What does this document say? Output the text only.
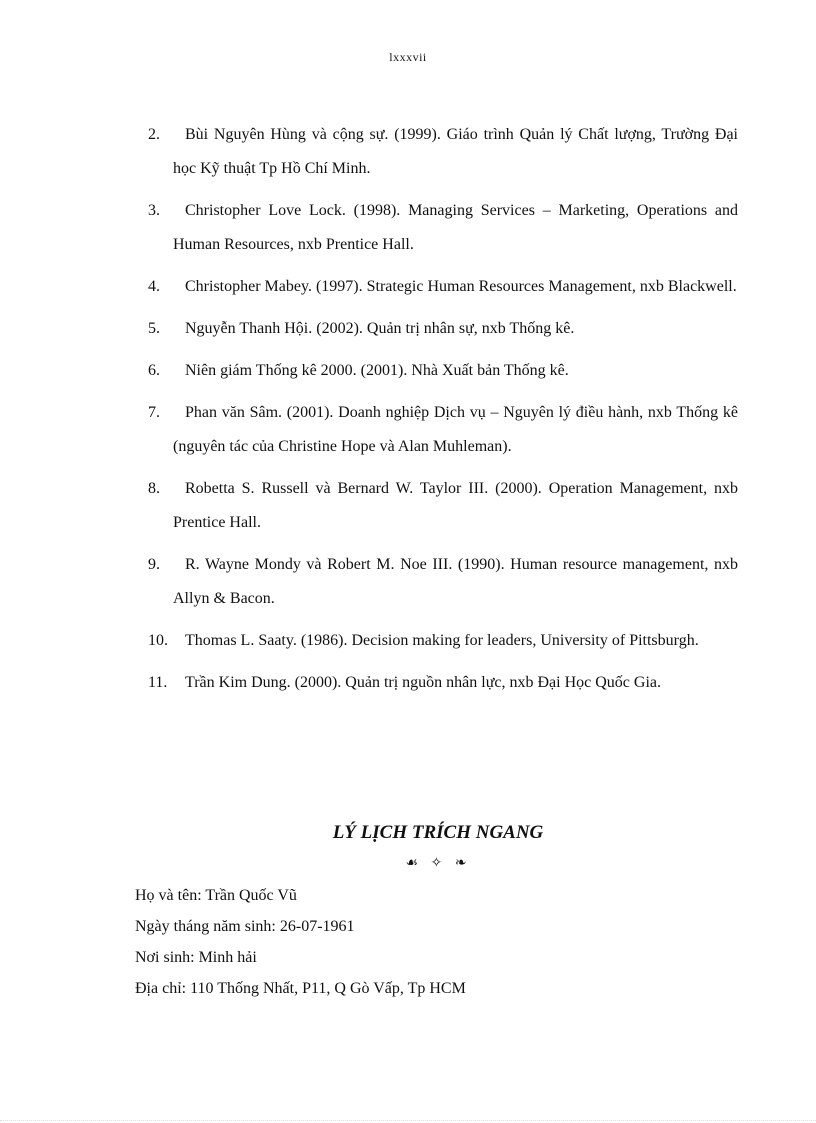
lxxxvii
2.	Bùi Nguyên Hùng và cộng sự. (1999). Giáo trình Quản lý Chất lượng, Trường Đại học Kỹ thuật Tp Hồ Chí Minh.
3.	Christopher Love Lock. (1998). Managing Services – Marketing, Operations and Human Resources, nxb Prentice Hall.
4.	Christopher Mabey. (1997). Strategic Human Resources Management, nxb Blackwell.
5.	Nguyễn Thanh Hội. (2002). Quản trị nhân sự, nxb Thống kê.
6.	Niên giám Thống kê 2000. (2001). Nhà Xuất bản Thống kê.
7.	Phan văn Sâm. (2001). Doanh nghiệp Dịch vụ – Nguyên lý điều hành, nxb Thống kê (nguyên tác của Christine Hope và Alan Muhleman).
8.	Robetta S. Russell và Bernard W. Taylor III. (2000). Operation Management, nxb Prentice Hall.
9.	R. Wayne Mondy và Robert M. Noe III. (1990). Human resource management, nxb Allyn & Bacon.
10.	Thomas L. Saaty. (1986). Decision making for leaders, University of Pittsburgh.
11.	Trần Kim Dung. (2000). Quản trị nguồn nhân lực, nxb Đại Học Quốc Gia.
LÝ LỊCH TRÍCH NGANG
☙ ✧ ❧
Họ và tên: Trần Quốc Vũ
Ngày tháng năm sinh: 26-07-1961
Nơi sinh: Minh hải
Địa chỉ: 110 Thống Nhất, P11, Q Gò Vấp, Tp HCM
